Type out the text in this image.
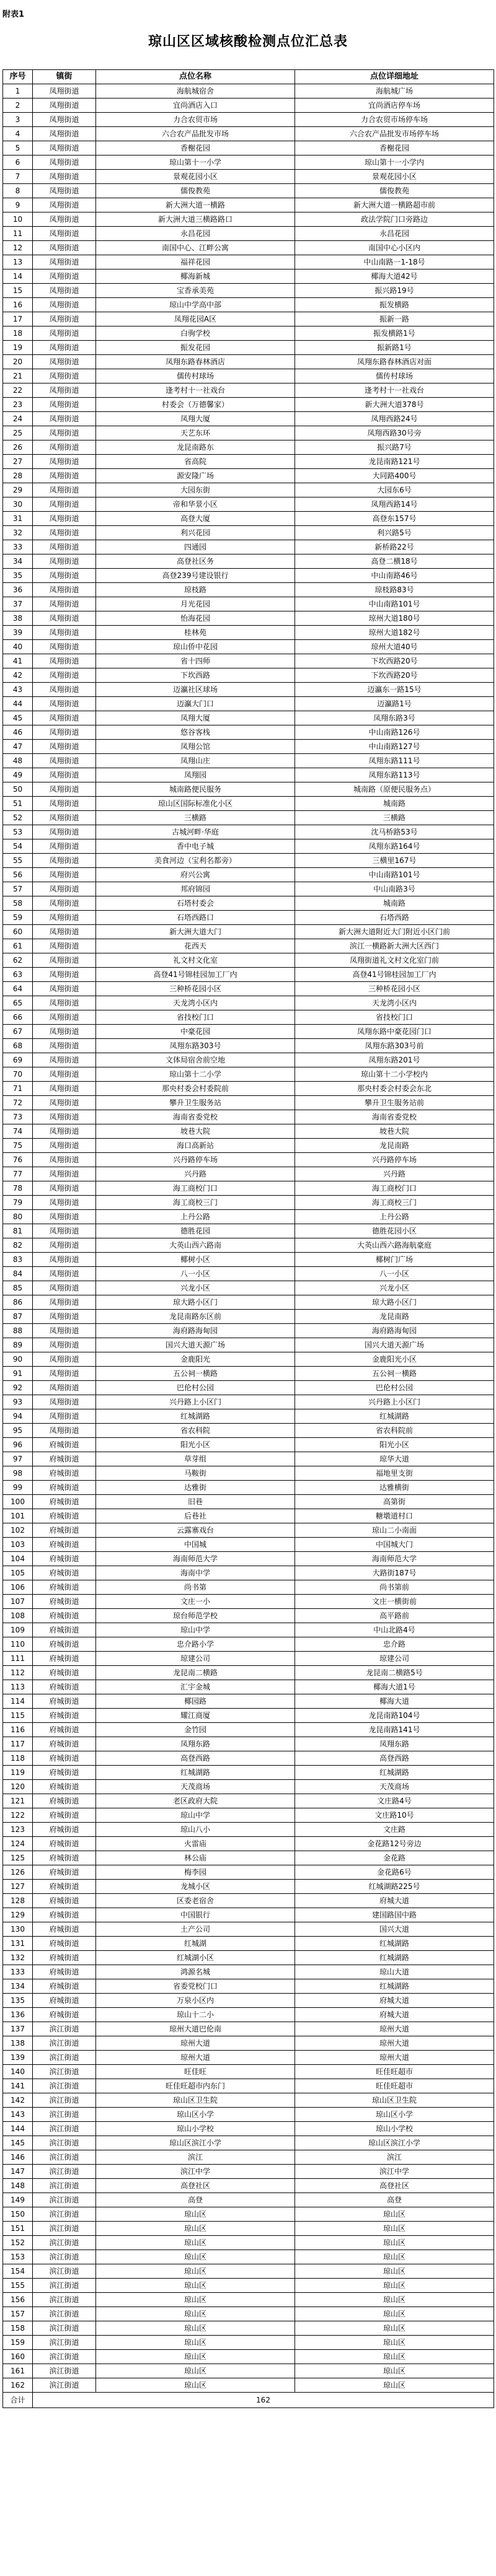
附表1
琼山区区域核酸检测点位汇总表
序号	镇街	点位名称	点位详细地址
1	凤翔街道	海航城宿舍	海航城广场
2	凤翔街道	宜尚酒店入口	宜尚酒店停车场
3	凤翔街道	力合农贸市场	力合农贸市场停车场
4	凤翔街道	六合农产品批发市场	六合农产品批发市场停车场
5	凤翔街道	香榭花园	香榭花园
6	凤翔街道	琼山第十一小学	琼山第十一小学内
7	凤翔街道	景观花园小区	景观花园小区
8	凤翔街道	儒俊教苑	儒俊教苑
9	凤翔街道	新大洲大道一横路	新大洲大道一横路超市前
10	凤翔街道	新大洲大道三横路路口	政法学院门口旁路边
11	凤翔街道	永昌花园	永昌花园
12	凤翔街道	南国中心、江畔公寓	南国中心小区内
13	凤翔街道	福祥花园	中山南路一1-18号
14	凤翔街道	椰海新城	椰海大道42号
15	凤翔街道	宝香承美苑	振兴路19号
16	凤翔街道	琼山中学高中部	振发横路
17	凤翔街道	凤翔花园A区	振新一路
18	凤翔街道	白驹学校	振发横路1号
19	凤翔街道	振发花园	振新路1号
20	凤翔街道	凤翔东路春林酒店	凤翔东路春林酒店对面
21	凤翔街道	儒传村球场	儒传村球场
22	凤翔街道	逢考村十一社戏台	逢考村十一社戏台
23	凤翔街道	村委会（万德馨家）	新大洲大道378号
24	凤翔街道	凤翔大厦	凤翔西路24号
25	凤翔街道	天艺东环	凤翔西路30号旁
26	凤翔街道	龙昆南路东	振兴路7号
27	凤翔街道	省高院	龙昆南路121号
28	凤翔街道	源安隆广场	大同路400号
29	凤翔街道	大园东街	大园东6号
30	凤翔街道	帝和华景小区	凤翔西路14号
31	凤翔街道	高登大厦	高登东157号
32	凤翔街道	利兴花园	利兴路5号
33	凤翔街道	四通园	新桥路22号
34	凤翔街道	高登社区务	高登二横18号
35	凤翔街道	高登239号建设银行	中山南路46号
36	凤翔街道	琼枝路	琼枝路83号
37	凤翔街道	月光花园	中山南路101号
38	凤翔街道	怡海花园	琼州大道180号
39	凤翔街道	桂林苑	琼州大道182号
40	凤翔街道	琼山侨中花园	琼州大道40号
41	凤翔街道	省十四师	下坎西路20号
42	凤翔街道	下坎西路	下坎西路20号
43	凤翔街道	迈瀛社区球场	迈瀛东一路15号
44	凤翔街道	迈瀛大门口	迈瀛路1号
45	凤翔街道	凤翔大厦	凤翔东路3号
46	凤翔街道	悠谷客栈	中山南路126号
47	凤翔街道	凤翔公馆	中山南路127号
48	凤翔街道	凤翔山庄	凤翔东路111号
49	凤翔街道	凤翔园	凤翔东路113号
50	凤翔街道	城南路便民服务	城南路（原便民服务点）
51	凤翔街道	琼山区国际标准化小区	城南路
52	凤翔街道	三横路	三横路
53	凤翔街道	古城河畔·华庭	沈马桥路53号
54	凤翔街道	香中电子城	凤翔东路164号
55	凤翔街道	美食河边（宝利名都旁）	三横里167号
56	凤翔街道	府兴公寓	中山南路101号
57	凤翔街道	邦府锦园	中山南路3号
58	凤翔街道	石塔村委会	城南路
59	凤翔街道	石塔西路口	石塔西路
60	凤翔街道	新大洲大道大门	新大洲大道附近大门附近小区门前
61	凤翔街道	花西天	滨江一横路新大洲大区西门
62	凤翔街道	礼文村文化室	凤翔街道礼文村文化室门前
63	凤翔街道	高登41号锦桂园加工厂内	高登41号锦桂园加工厂内
64	凤翔街道	三种桥花园小区	三种桥花园小区
65	凤翔街道	天龙湾小区内	天龙湾小区内
66	凤翔街道	省技校门口	省技校门口
67	凤翔街道	中豪花园	凤翔东路中豪花园门口
68	凤翔街道	凤翔东路303号	凤翔东路303号前
69	凤翔街道	文体局宿舍前空地	凤翔东路201号
70	凤翔街道	琼山第十二小学	琼山第十二小学校内
71	凤翔街道	那央村委会村委院前	那央村委会村委会东北
72	凤翔街道	攀升卫生服务站	攀升卫生服务站前
73	凤翔街道	海南省委党校	海南省委党校
74	凤翔街道	坡巷大院	坡巷大院
75	凤翔街道	海口高新站	龙昆南路
76	凤翔街道	兴丹路停车场	兴丹路停车场
77	凤翔街道	兴丹路	兴丹路
78	凤翔街道	海工商校门口	海工商校门口
79	凤翔街道	海工商校三门	海工商校三门
80	凤翔街道	上丹公路	上丹公路
81	凤翔街道	德胜花园	德胜花园小区
82	凤翔街道	大英山西六路南	大英山西六路海航豪庭
83	凤翔街道	椰树小区	椰树门广场
84	凤翔街道	八一小区	八一小区
85	凤翔街道	兴龙小区	兴龙小区
86	凤翔街道	琼大路小区门	琼大路小区门
87	凤翔街道	龙昆南路东区前	龙昆南路
88	凤翔街道	海府路海甸园	海府路海甸园
89	凤翔街道	国兴大道天源广场	国兴大道天源广场
90	凤翔街道	金鹿阳光	金鹿阳光小区
91	凤翔街道	五公祠一横路	五公祠一横路
92	凤翔街道	巴伦村公园	巴伦村公园
93	凤翔街道	兴丹路上小区门	兴丹路上小区门
94	凤翔街道	红城湖路	红城湖路
95	凤翔街道	省农科院	省农科院前
96	府城街道	阳光小区	阳光小区
97	府城街道	草芽组	琼华大道
98	府城街道	马鞍街	福地里支街
99	府城街道	达雅街	达雅横街
100	府城街道	旧巷	高第街
101	府城街道	后巷社	糖墩道村口
102	府城街道	云露寨戏台	琼山二小南面
103	府城街道	中国城	中国城大门
104	府城街道	海南师范大学	海南师范大学
105	府城街道	海南中学	大路街187号
106	府城街道	尚书第	尚书第前
107	府城街道	文庄一小	文庄一横街前
108	府城街道	琼台师范学校	高平路前
109	府城街道	琼山中学	中山北路4号
110	府城街道	忠介路小学	忠介路
111	府城街道	琼建公司	琼建公司
112	府城街道	龙昆南二横路	龙昆南二横路5号
113	府城街道	汇宇金城	椰海大道1号
114	府城街道	椰园路	椰海大道
115	府城街道	耀江商厦	龙昆南路104号
116	府城街道	金竹园	龙昆南路141号
117	府城街道	凤翔东路	凤翔东路
118	府城街道	高登西路	高登西路
119	府城街道	红城湖路	红城湖路
120	府城街道	天茂商场	天茂商场
121	府城街道	老区政府大院	文庄路4号
122	府城街道	琼山中学	文庄路10号
123	府城街道	琼山八小	文庄路
124	府城街道	火雷庙	金花路12号旁边
125	府城街道	林公庙	金花路
126	府城街道	梅李园	金花路6号
127	府城街道	龙城小区	红城湖路225号
128	府城街道	区委老宿舍	府城大道
129	府城街道	中国银行	建国路国中路
130	府城街道	土产公司	国兴大道
131	府城街道	红城湖	红城湖路
132	府城街道	红城湖小区	红城湖路
133	府城街道	鸿源名城	琼山大道
134	府城街道	省委党校门口	红城湖路
135	府城街道	万泉小区内	府城大道
136	府城街道	琼山十二小	府城大道
137	滨江街道	琼州大道巴伦南	琼州大道
138	滨江街道	琼州大道	琼州大道
139	滨江街道	琼州大道	琼州大道
140	滨江街道	旺佳旺	旺佳旺超市
141	滨江街道	旺佳旺超市内东门	旺佳旺超市
142	滨江街道	琼山区卫生院	琼山区卫生院
143	滨江街道	琼山区小学	琼山区小学
144	滨江街道	琼山小学校	琼山小学校
145	滨江街道	琼山区滨江小学	琼山区滨江小学
146	滨江街道	滨江	滨江
147	滨江街道	滨江中学	滨江中学
148	滨江街道	高登社区	高登社区
149	滨江街道	高登	高登
150	滨江街道	琼山区	琼山区
151	滨江街道	琼山区	琼山区
152	滨江街道	琼山区	琼山区
153	滨江街道	琼山区	琼山区
154	滨江街道	琼山区	琼山区
155	滨江街道	琼山区	琼山区
156	滨江街道	琼山区	琼山区
157	滨江街道	琼山区	琼山区
158	滨江街道	琼山区	琼山区
159	滨江街道	琼山区	琼山区
160	滨江街道	琼山区	琼山区
161	滨江街道	琼山区	琼山区
162	滨江街道	琼山区	琼山区
合计	162		
